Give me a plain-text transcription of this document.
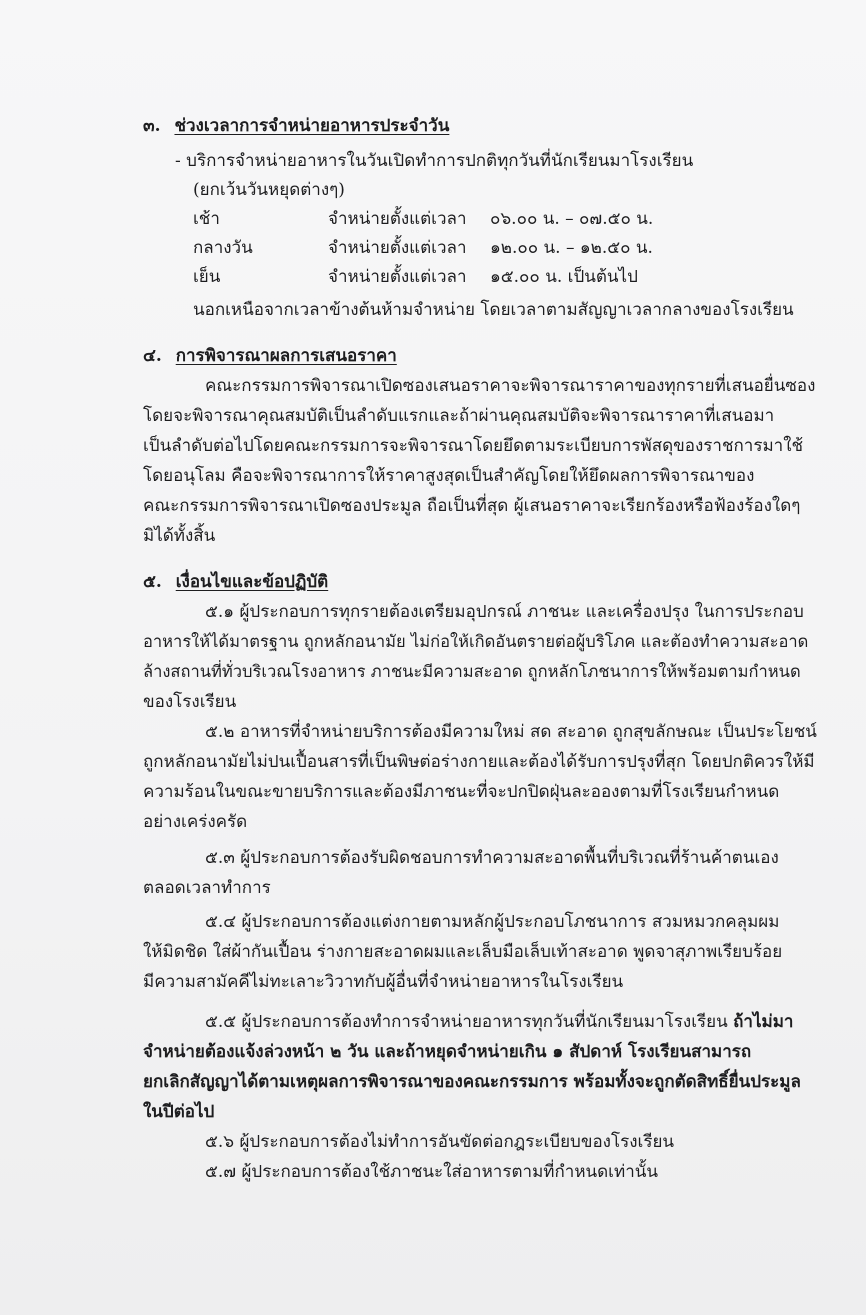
๓. ช่วงเวลาการจำหน่ายอาหารประจำวัน
- บริการจำหน่ายอาหารในวันเปิดทำการปกติทุกวันที่นักเรียนมาโรงเรียน
(ยกเว้นวันหยุดต่างๆ)
เช้า	จำหน่ายตั้งแต่เวลา ๐๖.๐๐ น. – ๐๗.๕๐ น.
กลางวัน	จำหน่ายตั้งแต่เวลา ๑๒.๐๐ น. – ๑๒.๕๐ น.
เย็น	จำหน่ายตั้งแต่เวลา ๑๕.๐๐ น. เป็นต้นไป
นอกเหนือจากเวลาข้างต้นห้ามจำหน่าย โดยเวลาตามสัญญาเวลากลางของโรงเรียน
๔. การพิจารณาผลการเสนอราคา
คณะกรรมการพิจารณาเปิดซองเสนอราคาจะพิจารณาราคาของทุกรายที่เสนอยื่นซอง
โดยจะพิจารณาคุณสมบัติเป็นลำดับแรกและถ้าผ่านคุณสมบัติจะพิจารณาราคาที่เสนอมา
เป็นลำดับต่อไปโดยคณะกรรมการจะพิจารณาโดยยึดตามระเบียบการพัสดุของราชการมาใช้
โดยอนุโลม คือจะพิจารณาการให้ราคาสูงสุดเป็นสำคัญโดยให้ยึดผลการพิจารณาของ
คณะกรรมการพิจารณาเปิดซองประมูล ถือเป็นที่สุด ผู้เสนอราคาจะเรียกร้องหรือฟ้องร้องใดๆ
มิได้ทั้งสิ้น
๕. เงื่อนไขและข้อปฏิบัติ
๕.๑ ผู้ประกอบการทุกรายต้องเตรียมอุปกรณ์ ภาชนะ และเครื่องปรุง ในการประกอบ
อาหารให้ได้มาตรฐาน ถูกหลักอนามัย ไม่ก่อให้เกิดอันตรายต่อผู้บริโภค และต้องทำความสะอาด
ล้างสถานที่ทั่วบริเวณโรงอาหาร ภาชนะมีความสะอาด ถูกหลักโภชนาการให้พร้อมตามกำหนด
ของโรงเรียน
๕.๒ อาหารที่จำหน่ายบริการต้องมีความใหม่ สด สะอาด ถูกสุขลักษณะ เป็นประโยชน์
ถูกหลักอนามัยไม่ปนเปื้อนสารที่เป็นพิษต่อร่างกายและต้องได้รับการปรุงที่สุก โดยปกติควรให้มี
ความร้อนในขณะขายบริการและต้องมีภาชนะที่จะปกปิดฝุ่นละอองตามที่โรงเรียนกำหนด
อย่างเคร่งครัด
๕.๓ ผู้ประกอบการต้องรับผิดชอบการทำความสะอาดพื้นที่บริเวณที่ร้านค้าตนเอง
ตลอดเวลาทำการ
๕.๔ ผู้ประกอบการต้องแต่งกายตามหลักผู้ประกอบโภชนาการ สวมหมวกคลุมผม
ให้มิดชิด ใส่ผ้ากันเปื้อน ร่างกายสะอาดผมและเล็บมือเล็บเท้าสะอาด พูดจาสุภาพเรียบร้อย
มีความสามัคคีไม่ทะเลาะวิวาทกับผู้อื่นที่จำหน่ายอาหารในโรงเรียน
๕.๕ ผู้ประกอบการต้องทำการจำหน่ายอาหารทุกวันที่นักเรียนมาโรงเรียน ถ้าไม่มา
จำหน่ายต้องแจ้งล่วงหน้า ๒ วัน และถ้าหยุดจำหน่ายเกิน ๑ สัปดาห์ โรงเรียนสามารถ
ยกเลิกสัญญาได้ตามเหตุผลการพิจารณาของคณะกรรมการ พร้อมทั้งจะถูกตัดสิทธิ์ยื่นประมูล
ในปีต่อไป
๕.๖ ผู้ประกอบการต้องไม่ทำการอันขัดต่อกฎระเบียบของโรงเรียน
๕.๗ ผู้ประกอบการต้องใช้ภาชนะใส่อาหารตามที่กำหนดเท่านั้น
